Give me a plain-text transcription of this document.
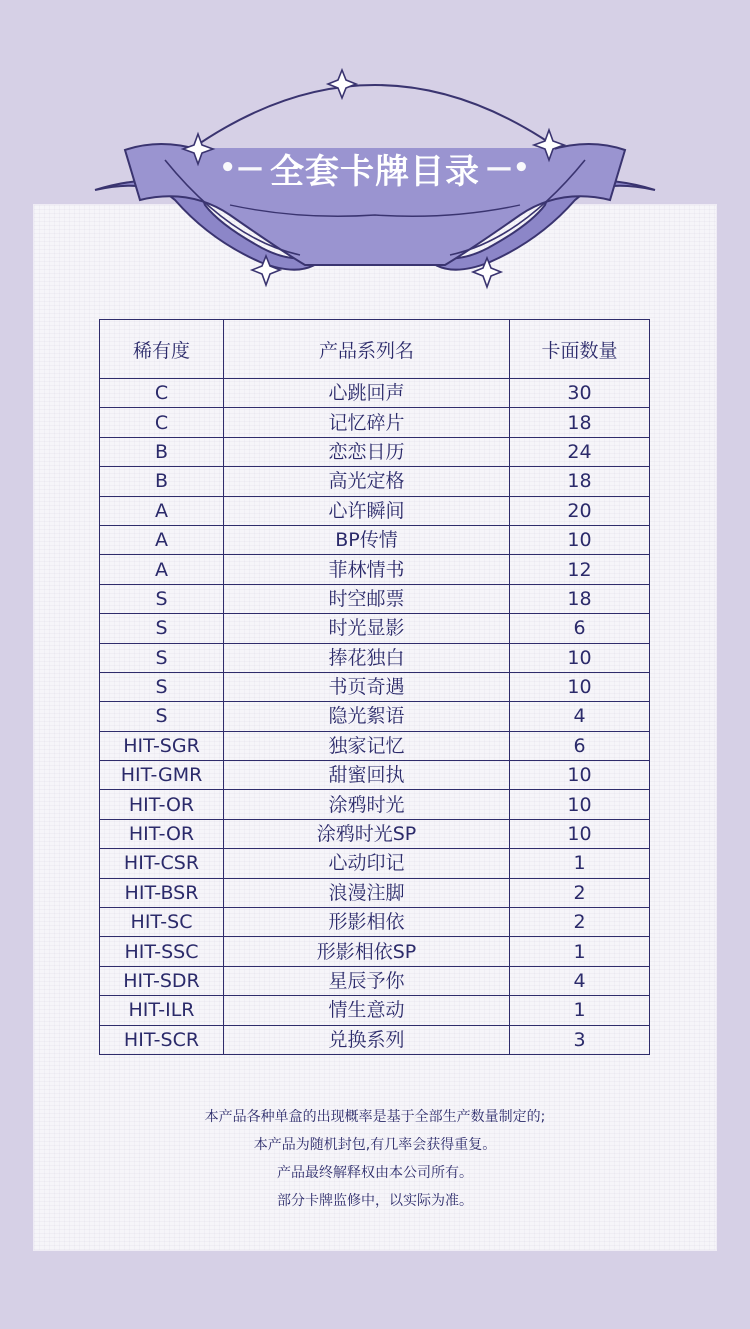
•— 全套卡牌目录 —•
稀有度	产品系列名	卡面数量
C	心跳回声	30
C	记忆碎片	18
B	恋恋日历	24
B	高光定格	18
A	心许瞬间	20
A	BP传情	10
A	菲林情书	12
S	时空邮票	18
S	时光显影	6
S	捧花独白	10
S	书页奇遇	10
S	隐光絮语	4
HIT-SGR	独家记忆	6
HIT-GMR	甜蜜回执	10
HIT-OR	涂鸦时光	10
HIT-OR	涂鸦时光SP	10
HIT-CSR	心动印记	1
HIT-BSR	浪漫注脚	2
HIT-SC	形影相依	2
HIT-SSC	形影相依SP	1
HIT-SDR	星辰予你	4
HIT-ILR	情生意动	1
HIT-SCR	兑换系列	3
本产品各种单盒的出现概率是基于全部生产数量制定的;
本产品为随机封包,有几率会获得重复。
产品最终解释权由本公司所有。
部分卡牌监修中，以实际为准。
